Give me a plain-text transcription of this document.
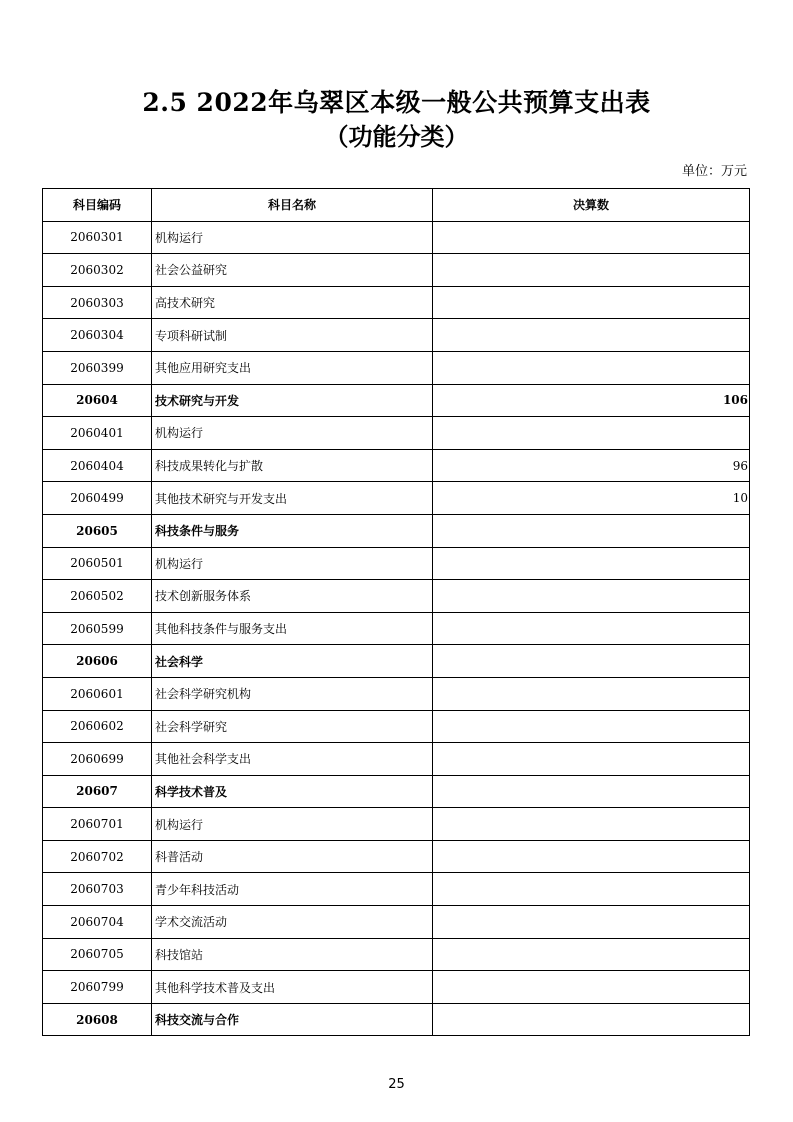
2.5 2022年乌翠区本级一般公共预算支出表
（功能分类）
单位：万元
科目编码	科目名称	决算数
2060301	机构运行	
2060302	社会公益研究	
2060303	高技术研究	
2060304	专项科研试制	
2060399	其他应用研究支出	
20604	技术研究与开发	106
2060401	机构运行	
2060404	科技成果转化与扩散	96
2060499	其他技术研究与开发支出	10
20605	科技条件与服务	
2060501	机构运行	
2060502	技术创新服务体系	
2060599	其他科技条件与服务支出	
20606	社会科学	
2060601	社会科学研究机构	
2060602	社会科学研究	
2060699	其他社会科学支出	
20607	科学技术普及	
2060701	机构运行	
2060702	科普活动	
2060703	青少年科技活动	
2060704	学术交流活动	
2060705	科技馆站	
2060799	其他科学技术普及支出	
20608	科技交流与合作	
25
